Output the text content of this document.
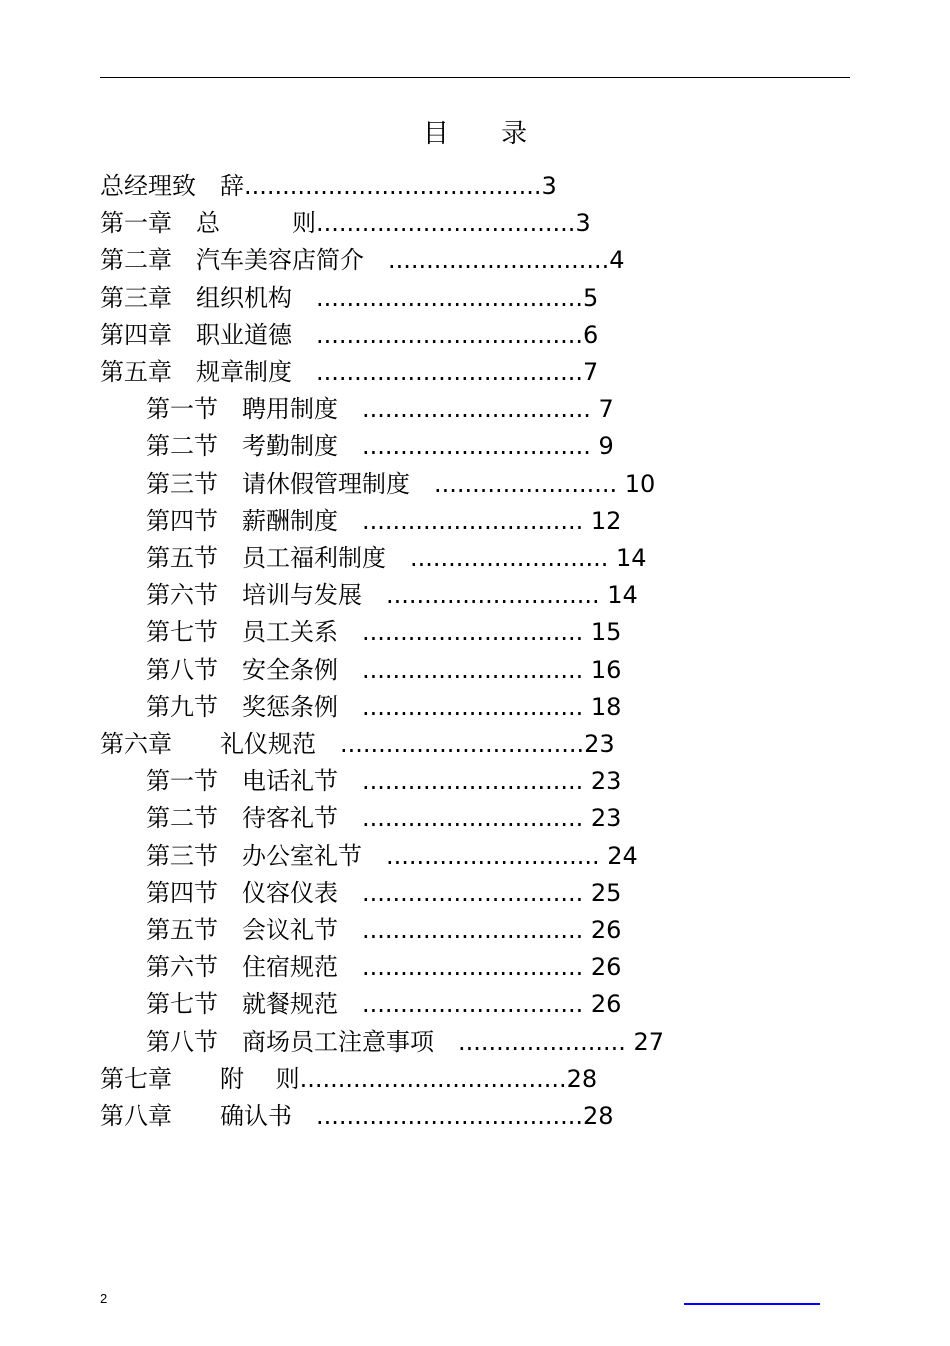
目 录
总经理致　辞.......................................3
第一章　总　　　则..................................3
第二章　汽车美容店简介　.............................4
第三章　组织机构　...................................5
第四章　职业道德　...................................6
第五章　规章制度　...................................7
第一节　聘用制度　.............................. 7
第二节　考勤制度　.............................. 9
第三节　请休假管理制度　........................ 10
第四节　薪酬制度　............................. 12
第五节　员工福利制度　.......................... 14
第六节　培训与发展　............................ 14
第七节　员工关系　............................. 15
第八节　安全条例　............................. 16
第九节　奖惩条例　............................. 18
第六章　　礼仪规范　................................23
第一节　电话礼节　............................. 23
第二节　待客礼节　............................. 23
第三节　办公室礼节　............................ 24
第四节　仪容仪表　............................. 25
第五节　会议礼节　............................. 26
第六节　住宿规范　............................. 26
第七节　就餐规范　............................. 26
第八节　商场员工注意事项　...................... 27
第七章　　附　 则...................................28
第八章　　确认书　...................................28
2
